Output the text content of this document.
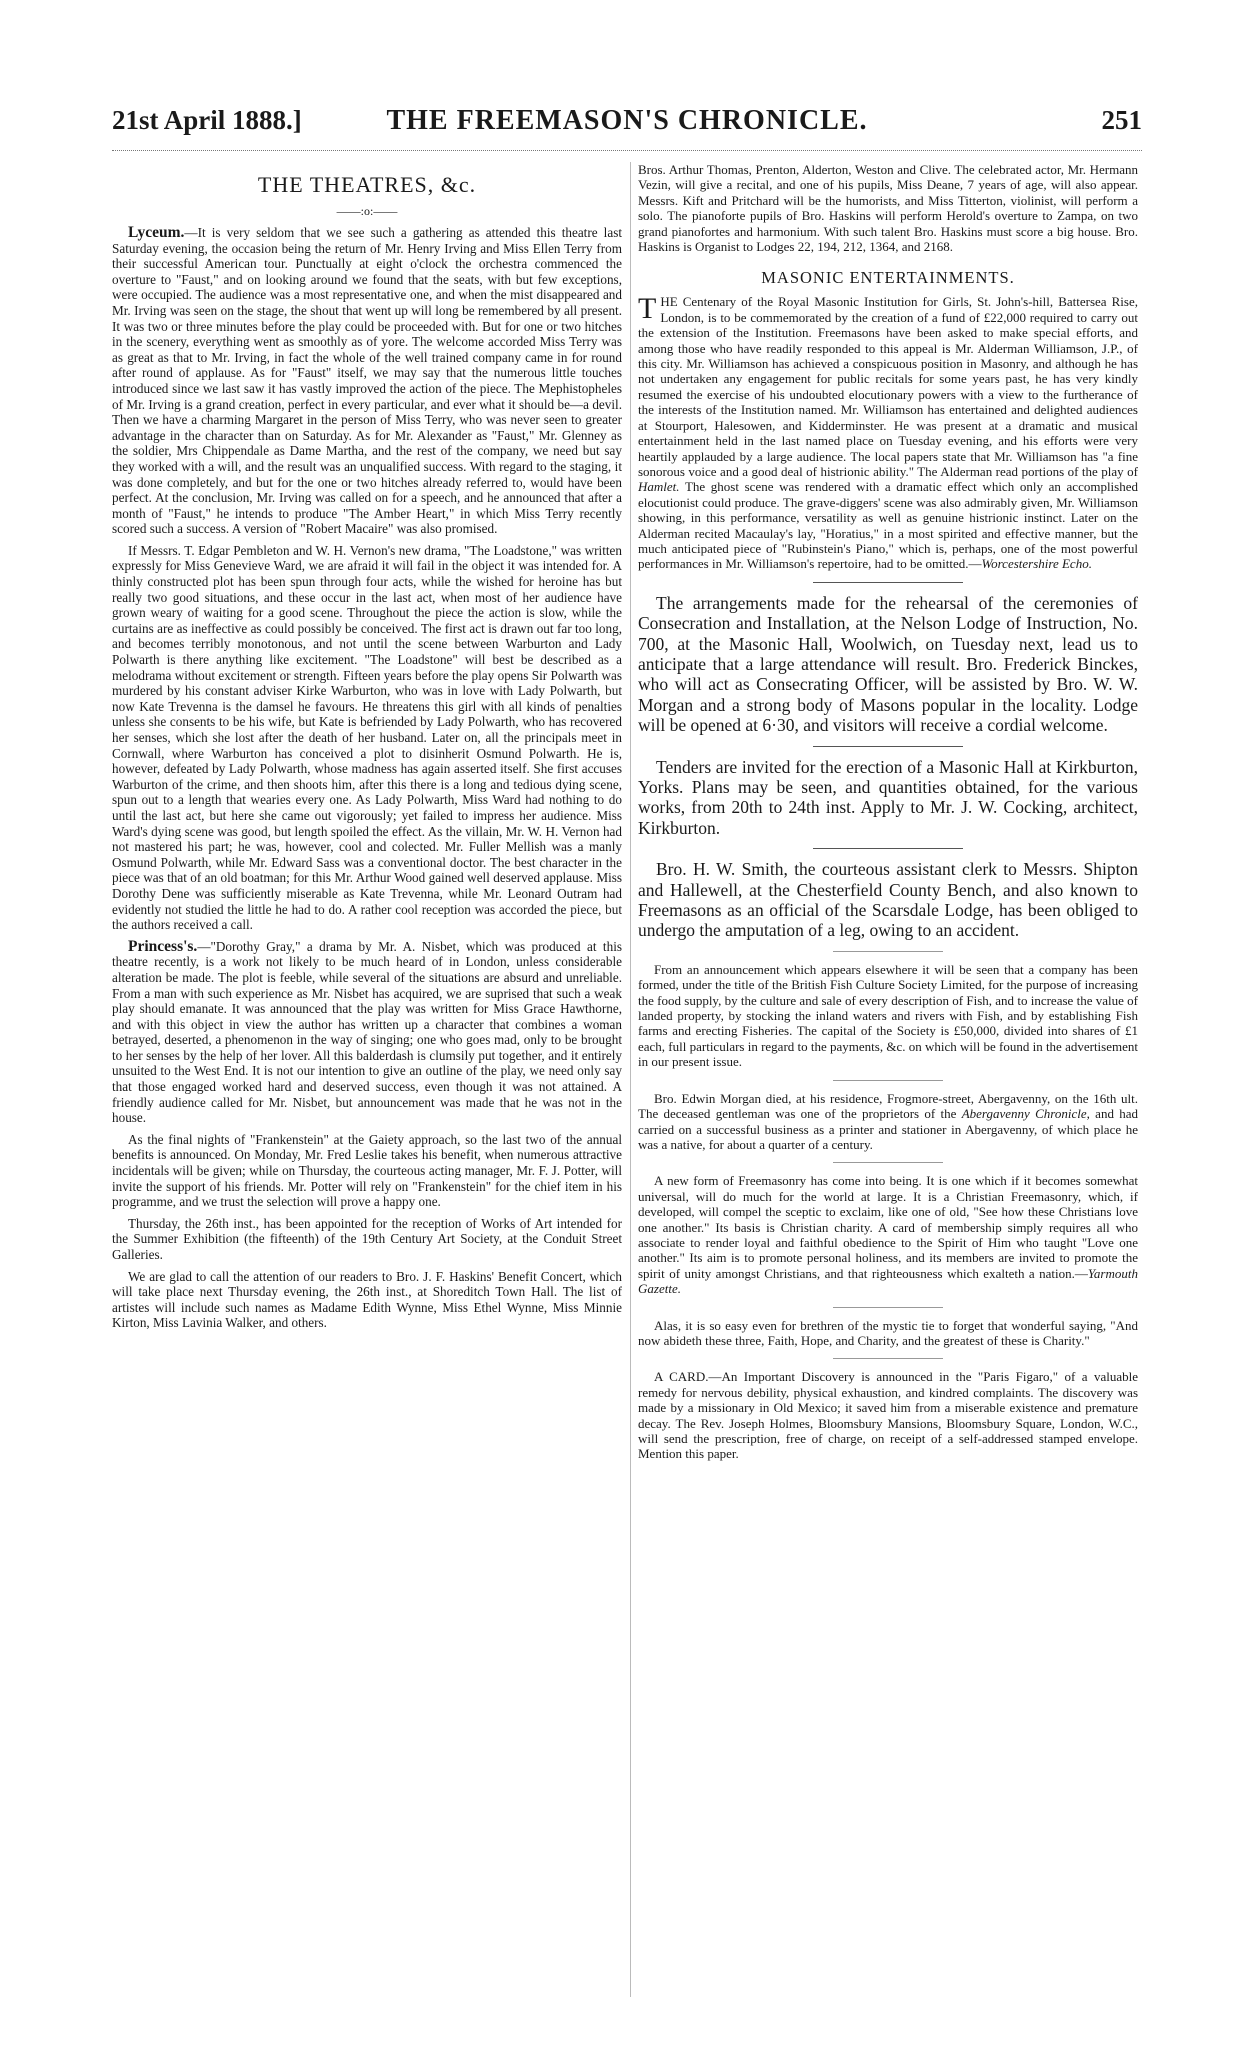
21st April 1888.]	THE FREEMASON'S CHRONICLE.	251
THE THEATRES, &c.
——:o:——

Lyceum.—It is very seldom that we see such a gathering as attended this theatre last Saturday evening, the occasion being the return of Mr. Henry Irving and Miss Ellen Terry from their successful American tour. Punctually at eight o'clock the orchestra commenced the overture to "Faust," and on looking around we found that the seats, with but few exceptions, were occupied. The audience was a most representative one, and when the mist disappeared and Mr. Irving was seen on the stage, the shout that went up will long be remembered by all present. It was two or three minutes before the play could be proceeded with. But for one or two hitches in the scenery, everything went as smoothly as of yore. The welcome accorded Miss Terry was as great as that to Mr. Irving, in fact the whole of the well trained company came in for round after round of applause. As for "Faust" itself, we may say that the numerous little touches introduced since we last saw it has vastly improved the action of the piece. The Mephistopheles of Mr. Irving is a grand creation, perfect in every particular, and ever what it should be—a devil. Then we have a charming Margaret in the person of Miss Terry, who was never seen to greater advantage in the character than on Saturday. As for Mr. Alexander as "Faust," Mr. Glenney as the soldier, Mrs Chippendale as Dame Martha, and the rest of the company, we need but say they worked with a will, and the result was an unqualified success. With regard to the staging, it was done completely, and but for the one or two hitches already referred to, would have been perfect. At the conclusion, Mr. Irving was called on for a speech, and he announced that after a month of "Faust," he intends to produce "The Amber Heart," in which Miss Terry recently scored such a success. A version of "Robert Macaire" was also promised.

If Messrs. T. Edgar Pembleton and W. H. Vernon's new drama, "The Loadstone," was written expressly for Miss Genevieve Ward, we are afraid it will fail in the object it was intended for. A thinly constructed plot has been spun through four acts, while the wished for heroine has but really two good situations, and these occur in the last act, when most of her audience have grown weary of waiting for a good scene. Throughout the piece the action is slow, while the curtains are as ineffective as could possibly be conceived. The first act is drawn out far too long, and becomes terribly monotonous, and not until the scene between Warburton and Lady Polwarth is there anything like excitement. "The Loadstone" will best be described as a melodrama without excitement or strength. Fifteen years before the play opens Sir Polwarth was murdered by his constant adviser Kirke Warburton, who was in love with Lady Polwarth, but now Kate Trevenna is the damsel he favours. He threatens this girl with all kinds of penalties unless she consents to be his wife, but Kate is befriended by Lady Polwarth, who has recovered her senses, which she lost after the death of her husband. Later on, all the principals meet in Cornwall, where Warburton has conceived a plot to disinherit Osmund Polwarth. He is, however, defeated by Lady Polwarth, whose madness has again asserted itself. She first accuses Warburton of the crime, and then shoots him, after this there is a long and tedious dying scene, spun out to a length that wearies every one. As Lady Polwarth, Miss Ward had nothing to do until the last act, but here she came out vigorously; yet failed to impress her audience. Miss Ward's dying scene was good, but length spoiled the effect. As the villain, Mr. W. H. Vernon had not mastered his part; he was, however, cool and colected. Mr. Fuller Mellish was a manly Osmund Polwarth, while Mr. Edward Sass was a conventional doctor. The best character in the piece was that of an old boatman; for this Mr. Arthur Wood gained well deserved applause. Miss Dorothy Dene was sufficiently miserable as Kate Trevenna, while Mr. Leonard Outram had evidently not studied the little he had to do. A rather cool reception was accorded the piece, but the authors received a call.

Princess's.—"Dorothy Gray," a drama by Mr. A. Nisbet, which was produced at this theatre recently, is a work not likely to be much heard of in London, unless considerable alteration be made. The plot is feeble, while several of the situations are absurd and unreliable. From a man with such experience as Mr. Nisbet has acquired, we are suprised that such a weak play should emanate. It was announced that the play was written for Miss Grace Hawthorne, and with this object in view the author has written up a character that combines a woman betrayed, deserted, a phenomenon in the way of singing; one who goes mad, only to be brought to her senses by the help of her lover. All this balderdash is clumsily put together, and it entirely unsuited to the West End. It is not our intention to give an outline of the play, we need only say that those engaged worked hard and deserved success, even though it was not attained. A friendly audience called for Mr. Nisbet, but announcement was made that he was not in the house.

As the final nights of "Frankenstein" at the Gaiety approach, so the last two of the annual benefits is announced. On Monday, Mr. Fred Leslie takes his benefit, when numerous attractive incidentals will be given; while on Thursday, the courteous acting manager, Mr. F. J. Potter, will invite the support of his friends. Mr. Potter will rely on "Frankenstein" for the chief item in his programme, and we trust the selection will prove a happy one.

Thursday, the 26th inst., has been appointed for the reception of Works of Art intended for the Summer Exhibition (the fifteenth) of the 19th Century Art Society, at the Conduit Street Galleries.

We are glad to call the attention of our readers to Bro. J. F. Haskins' Benefit Concert, which will take place next Thursday evening, the 26th inst., at Shoreditch Town Hall. The list of artistes will include such names as Madame Edith Wynne, Miss Ethel Wynne, Miss Minnie Kirton, Miss Lavinia Walker, and others.

Bros. Arthur Thomas, Prenton, Alderton, Weston and Clive. The celebrated actor, Mr. Hermann Vezin, will give a recital, and one of his pupils, Miss Deane, 7 years of age, will also appear. Messrs. Kift and Pritchard will be the humorists, and Miss Titterton, violinist, will perform a solo. The pianoforte pupils of Bro. Haskins will perform Herold's overture to Zampa, on two grand pianofortes and harmonium. With such talent Bro. Haskins must score a big house. Bro. Haskins is Organist to Lodges 22, 194, 212, 1364, and 2168.

MASONIC ENTERTAINMENTS.

THE Centenary of the Royal Masonic Institution for Girls, St. John's-hill, Battersea Rise, London, is to be commemorated by the creation of a fund of £22,000 required to carry out the extension of the Institution. Freemasons have been asked to make special efforts, and among those who have readily responded to this appeal is Mr. Alderman Williamson, J.P., of this city. Mr. Williamson has achieved a conspicuous position in Masonry, and although he has not undertaken any engagement for public recitals for some years past, he has very kindly resumed the exercise of his undoubted elocutionary powers with a view to the furtherance of the interests of the Institution named. Mr. Williamson has entertained and delighted audiences at Stourport, Halesowen, and Kidderminster. He was present at a dramatic and musical entertainment held in the last named place on Tuesday evening, and his efforts were very heartily applauded by a large audience. The local papers state that Mr. Williamson has "a fine sonorous voice and a good deal of histrionic ability." The Alderman read portions of the play of Hamlet. The ghost scene was rendered with a dramatic effect which only an accomplished elocutionist could produce. The grave-diggers' scene was also admirably given, Mr. Williamson showing, in this performance, versatility as well as genuine histrionic instinct. Later on the Alderman recited Macaulay's lay, "Horatius," in a most spirited and effective manner, but the much anticipated piece of "Rubinstein's Piano," which is, perhaps, one of the most powerful performances in Mr. Williamson's repertoire, had to be omitted.—Worcestershire Echo.

The arrangements made for the rehearsal of the ceremonies of Consecration and Installation, at the Nelson Lodge of Instruction, No. 700, at the Masonic Hall, Woolwich, on Tuesday next, lead us to anticipate that a large attendance will result. Bro. Frederick Binckes, who will act as Consecrating Officer, will be assisted by Bro. W. W. Morgan and a strong body of Masons popular in the locality. Lodge will be opened at 6·30, and visitors will receive a cordial welcome.

Tenders are invited for the erection of a Masonic Hall at Kirkburton, Yorks. Plans may be seen, and quantities obtained, for the various works, from 20th to 24th inst. Apply to Mr. J. W. Cocking, architect, Kirkburton.

Bro. H. W. Smith, the courteous assistant clerk to Messrs. Shipton and Hallewell, at the Chesterfield County Bench, and also known to Freemasons as an official of the Scarsdale Lodge, has been obliged to undergo the amputation of a leg, owing to an accident.

From an announcement which appears elsewhere it will be seen that a company has been formed, under the title of the British Fish Culture Society Limited, for the purpose of increasing the food supply, by the culture and sale of every description of Fish, and to increase the value of landed property, by stocking the inland waters and rivers with Fish, and by establishing Fish farms and erecting Fisheries. The capital of the Society is £50,000, divided into shares of £1 each, full particulars in regard to the payments, &c. on which will be found in the advertisement in our present issue.

Bro. Edwin Morgan died, at his residence, Frogmore-street, Abergavenny, on the 16th ult. The deceased gentleman was one of the proprietors of the Abergavenny Chronicle, and had carried on a successful business as a printer and stationer in Abergavenny, of which place he was a native, for about a quarter of a century.

A new form of Freemasonry has come into being. It is one which if it becomes somewhat universal, will do much for the world at large. It is a Christian Freemasonry, which, if developed, will compel the sceptic to exclaim, like one of old, "See how these Christians love one another." Its basis is Christian charity. A card of membership simply requires all who associate to render loyal and faithful obedience to the Spirit of Him who taught "Love one another." Its aim is to promote personal holiness, and its members are invited to promote the spirit of unity amongst Christians, and that righteousness which exalteth a nation.—Yarmouth Gazette.

Alas, it is so easy even for brethren of the mystic tie to forget that wonderful saying, "And now abideth these three, Faith, Hope, and Charity, and the greatest of these is Charity."

A CARD.—An Important Discovery is announced in the "Paris Figaro," of a valuable remedy for nervous debility, physical exhaustion, and kindred complaints. The discovery was made by a missionary in Old Mexico; it saved him from a miserable existence and premature decay. The Rev. Joseph Holmes, Bloomsbury Mansions, Bloomsbury Square, London, W.C., will send the prescription, free of charge, on receipt of a self-addressed stamped envelope. Mention this paper.
